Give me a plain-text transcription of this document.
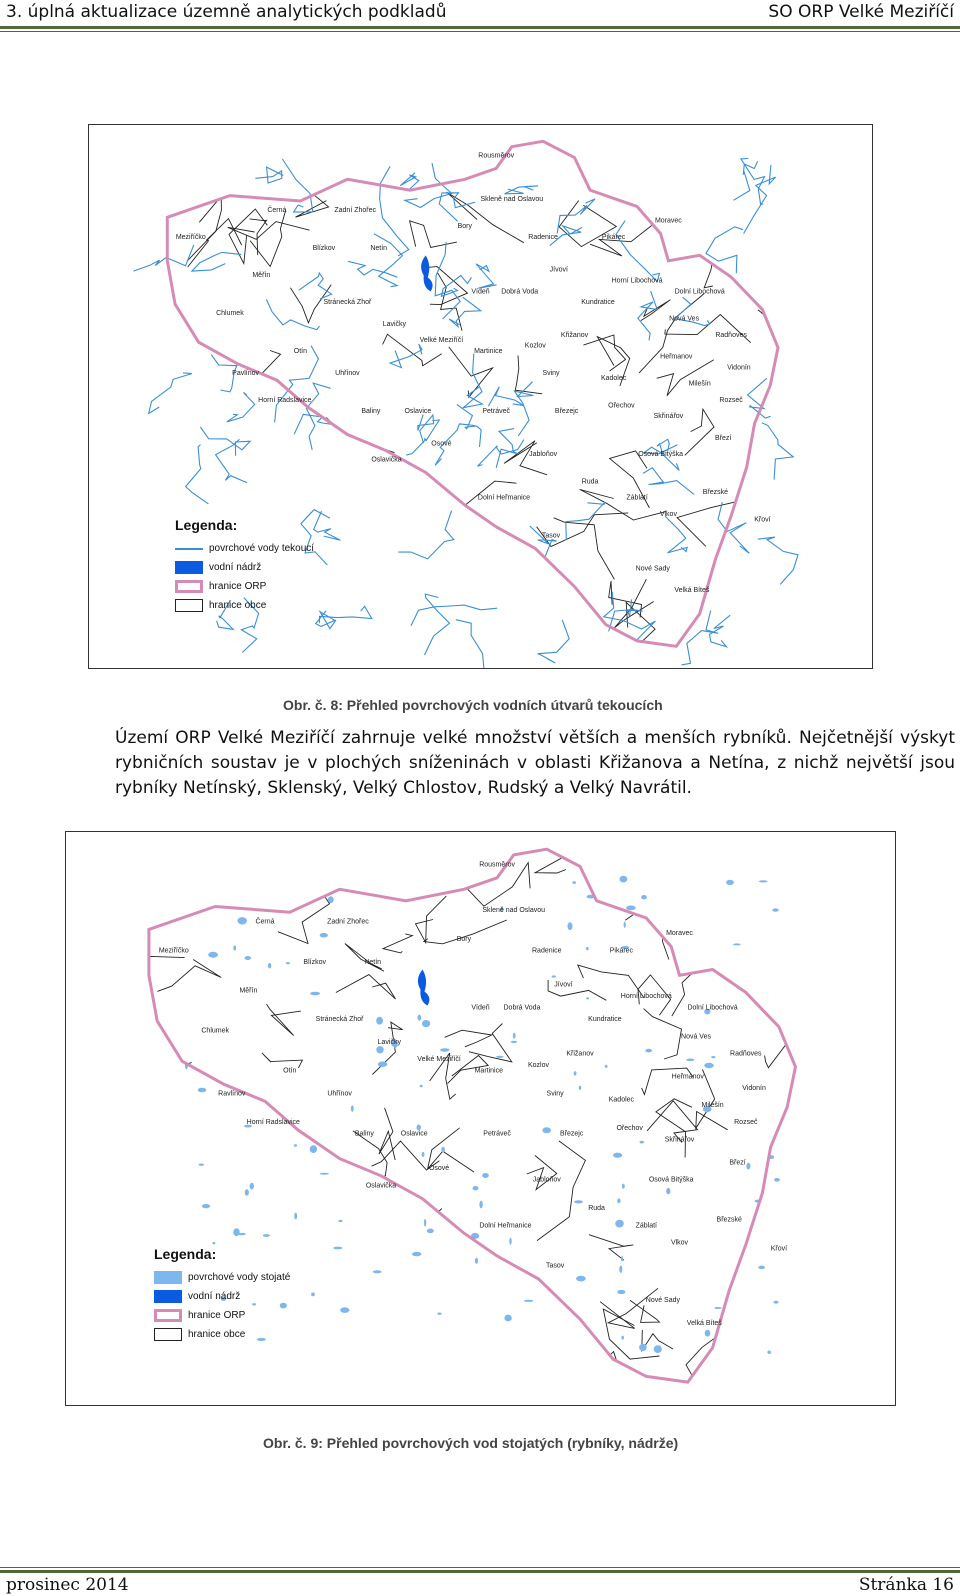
3. úplná aktualizace územně analytických podkladů	SO ORP Velké Meziříčí
Rousměrov
Černá	Zadní Zhořec
Skleně nad Oslavou
Meziříčko
Bory
Radenice	Pikárec
Moravec
Blízkov	Netín
Jívoví
Horní Libochová
Dolní Libochová
Měřín
Stránecká Zhoř
Vídeň Dobrá Voda
Kundratice
Křižanov
Nová Ves
Radňoves
Chlumek
Lavičky
Velké Meziříčí
Martinice
Kozlov
Heřmanov
Vidonín
Otín
Sviny
Kadolec
Milešín
Rozseč
Pavlínov	Uhřínov
Horní Radslavice
Baliny	Oslavice	Petráveč	Březejc
Ořechov
Skřinářov
Březí
Osové
Jabloňov	Osová Bitýška
Oslavička
Ruda
Záblatí
Březské
Dolní Heřmanice
Vlkov
Křoví
Tasov
Nové Sady
Velká Bíteš
Legenda:
povrchové vody tekoucí
vodní nádrž
hranice ORP
hranice obce
Obr. č. 8: Přehled povrchových vodních útvarů tekoucích
Území ORP Velké Meziříčí zahrnuje velké množství větších a menších rybníků. Nejčetnější výskyt rybničních soustav je v plochých sníženinách v oblasti Křižanova a Netína, z nichž největší jsou rybníky Netínský, Sklenský, Velký Chlostov, Rudský a Velký Navrátil.
Rousměrov
Černá	Zadní Zhořec
Skleně nad Oslavou
Meziříčko
Bory
Radenice	Pikárec
Moravec
Blízkov	Netín
Jívoví
Horní Libochová
Dolní Libochová
Měřín
Stránecká Zhoř
Vídeň Dobrá Voda
Kundratice
Křižanov
Nová Ves
Radňoves
Chlumek
Lavičky
Velké Meziříčí
Martinice
Kozlov
Heřmanov
Vidonín
Otín
Sviny
Kadolec
Milešín
Rozseč
Ravlínov	Uhřínov
Horní Radslavice
Baliny	Oslavice	Petráveč	Březejc
Ořechov
Skřinářov
Březí
Osové
Jabloňov	Osová Bitýška
Oslavička
Ruda
Záblatí
Březské
Dolní Heřmanice
Vlkov
Křoví
Tasov
Nové Sady
Velká Bíteš
Legenda:
povrchové vody stojaté
vodní nádrž
hranice ORP
hranice obce
Obr. č. 9: Přehled povrchových vod stojatých (rybníky, nádrže)
prosinec 2014	Stránka 16
